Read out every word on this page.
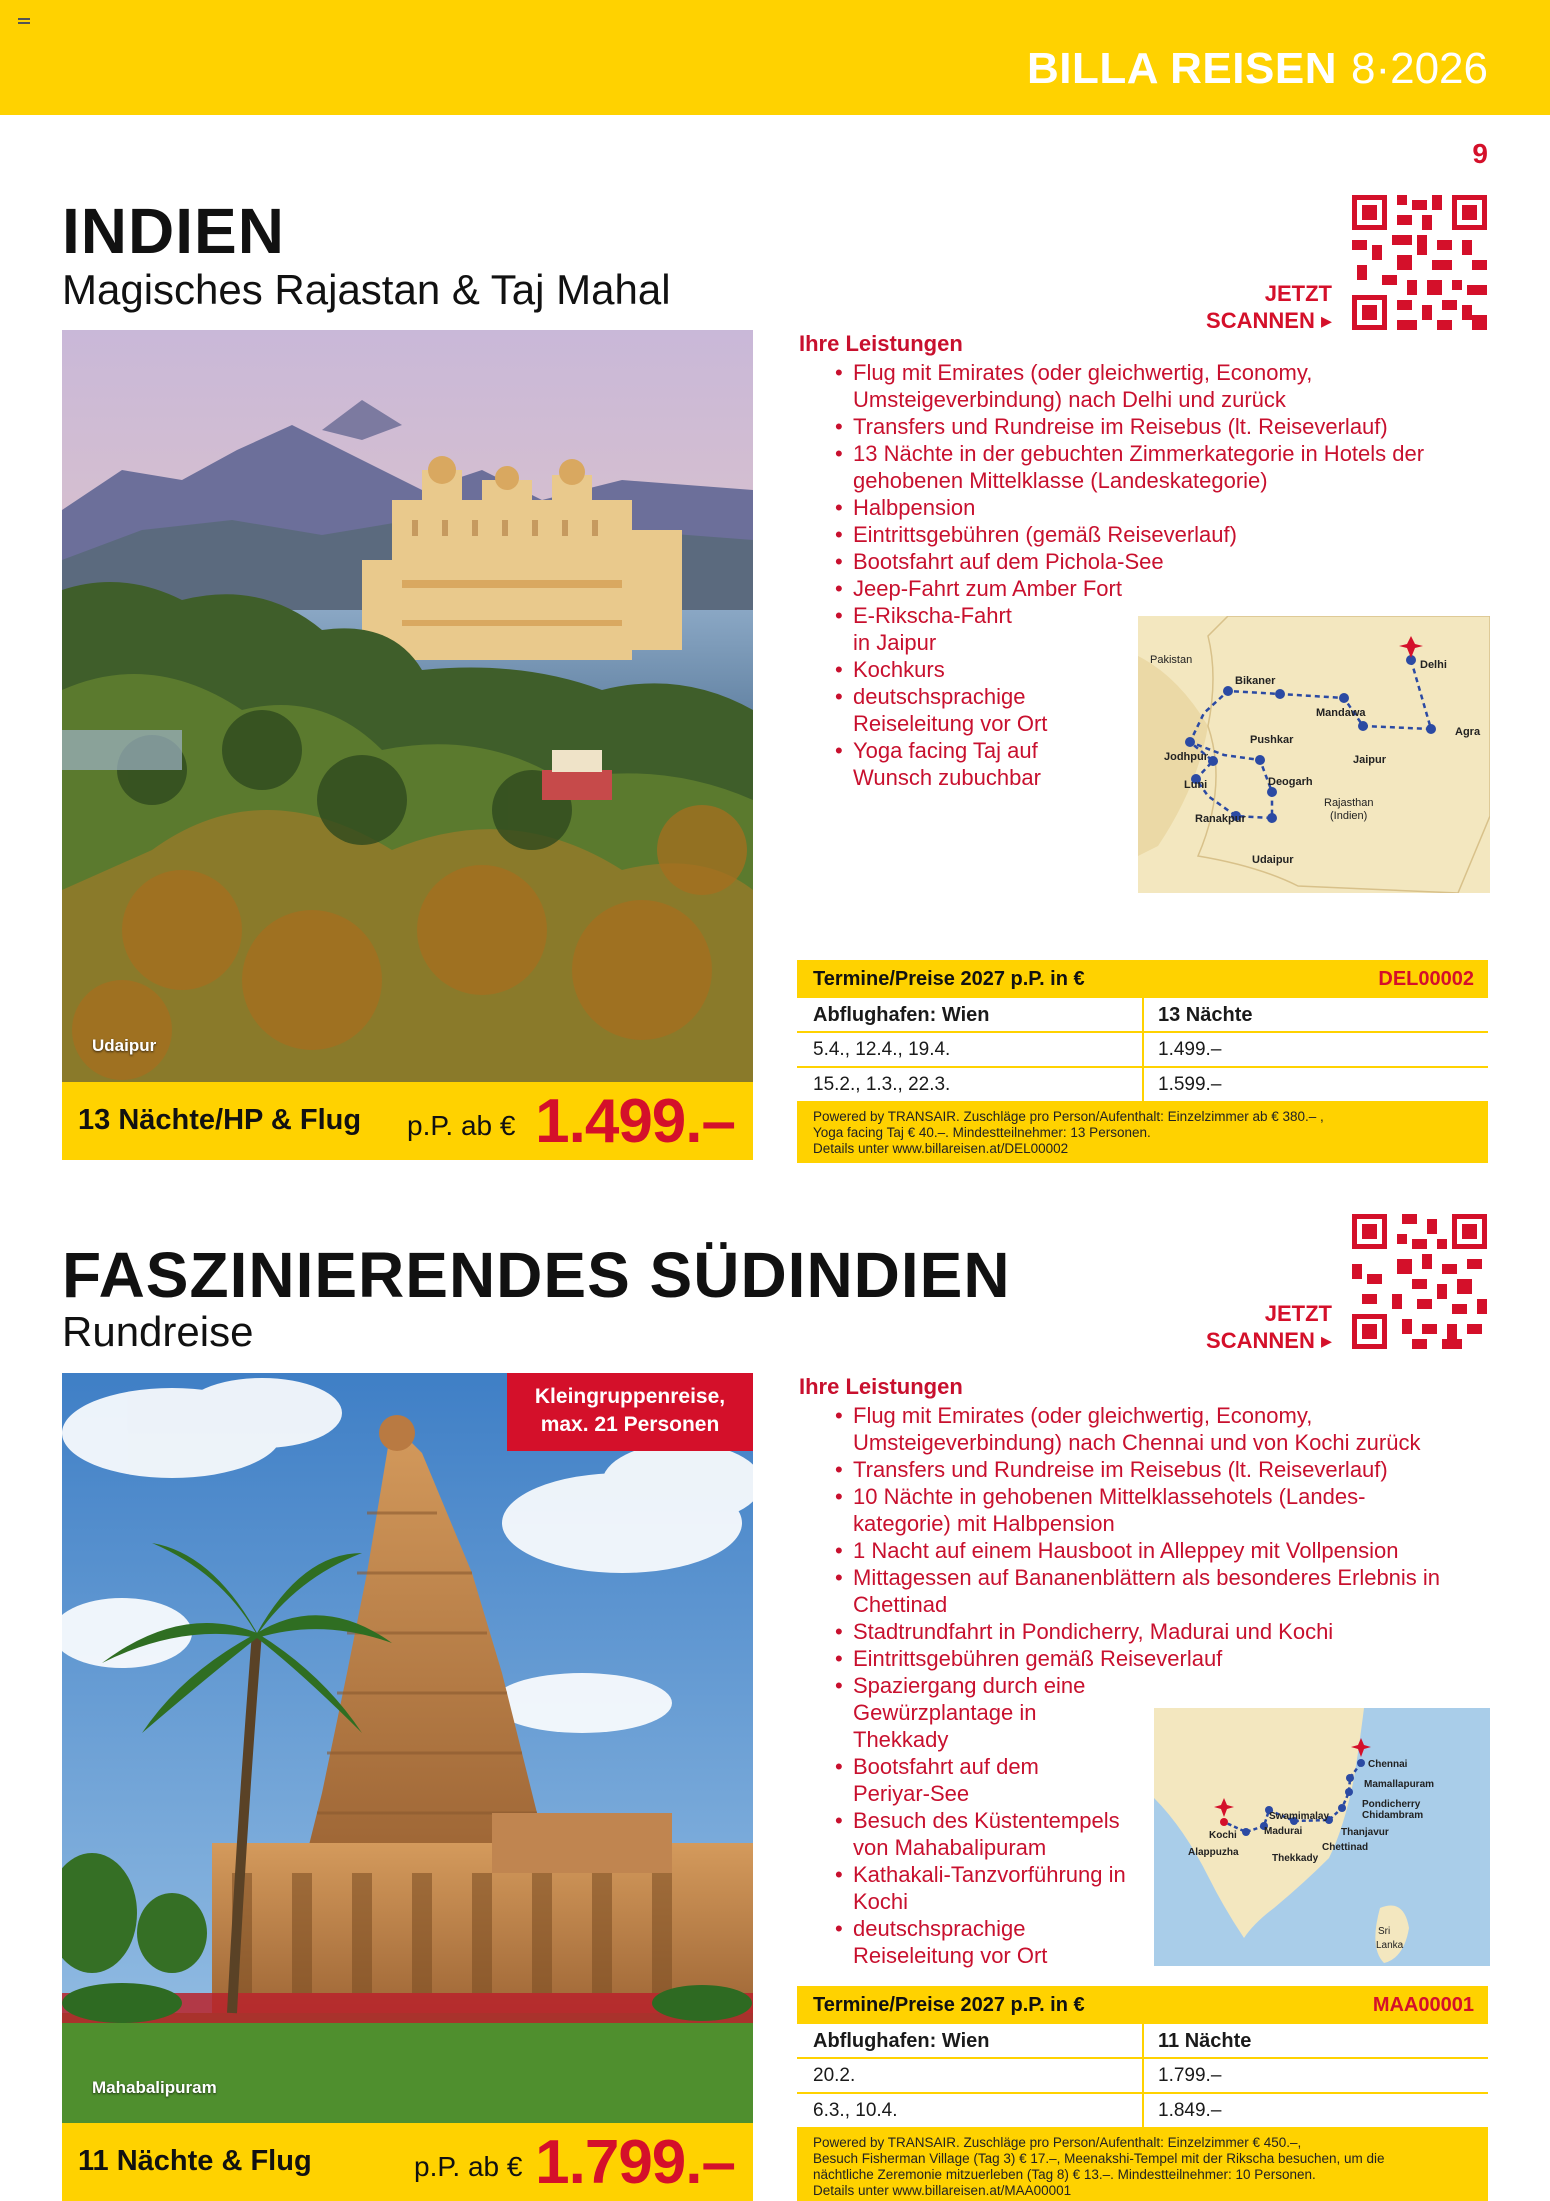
BILLA REISEN 8·2026
9
INDIEN
Magisches Rajastan & Taj Mahal	JETZT
SCANNEN ▸
Udaipur
13 Nächte/HP & Flug p.P. ab € 1.499.–
Ihre Leistungen
• Flug mit Emirates (oder gleichwertig, Economy, Umsteigeverbindung) nach Delhi und zurück
• Transfers und Rundreise im Reisebus (lt. Reiseverlauf)
• 13 Nächte in der gebuchten Zimmerkategorie in Hotels der gehobenen Mittelklasse (Landeskategorie)
• Halbpension
• Eintrittsgebühren (gemäß Reiseverlauf)
• Bootsfahrt auf dem Pichola-See
• Jeep-Fahrt zum Amber Fort
• E-Rikscha-Fahrt in Jaipur
• Kochkurs
• deutschsprachige Reiseleitung vor Ort
• Yoga facing Taj auf Wunsch zubuchbar
Pakistan	Delhi
Bikaner
Mandawa
Agra
Pushkar
Jaipur
Jodhpur
Deogarh
Luni
Ranakpur
Rajasthan
(Indien)
Udaipur
Termine/Preise 2027 p.P. in €	DEL00002
Abflughafen: Wien	13 Nächte
5.4., 12.4., 19.4.	1.499.–
15.2., 1.3., 22.3.	1.599.–
Powered by TRANSAIR. Zuschläge pro Person/Aufenthalt: Einzelzimmer ab € 380.– ,
Yoga facing Taj € 40.–. Mindestteilnehmer: 13 Personen.
Details unter www.billareisen.at/DEL00002
FASZINIERENDES SÜDINDIEN
Rundreise	JETZT
SCANNEN ▸
Kleingruppenreise,
max. 21 Personen
Mahabalipuram
11 Nächte & Flug	p.P. ab € 1.799.–
Ihre Leistungen
• Flug mit Emirates (oder gleichwertig, Economy, Umsteigeverbindung) nach Chennai und von Kochi zurück
• Transfers und Rundreise im Reisebus (lt. Reiseverlauf)
• 10 Nächte in gehobenen Mittelklassehotels (Landes-kategorie) mit Halbpension
• 1 Nacht auf einem Hausboot in Alleppey mit Vollpension
• Mittagessen auf Bananenblättern als besonderes Erlebnis in Chettinad
• Stadtrundfahrt in Pondicherry, Madurai und Kochi
• Eintrittsgebühren gemäß Reiseverlauf
• Spaziergang durch eine Gewürzplantage in Thekkady
• Bootsfahrt auf dem Periyar-See
• Besuch des Küstentempels von Mahabalipuram
• Kathakali-Tanzvorführung in Kochi
• deutschsprachige Reiseleitung vor Ort
Chennai
Mamallapuram
Pondicherry
Chidambram
Swamimalay
Thanjavur
Madurai
Kochi
Chettinad
Alappuzha
Thekkady
Sri
Lanka
Termine/Preise 2027 p.P. in €	MAA00001
Abflughafen: Wien	11 Nächte
20.2.	1.799.–
6.3., 10.4.	1.849.–
Powered by TRANSAIR. Zuschläge pro Person/Aufenthalt: Einzelzimmer € 450.–,
Besuch Fisherman Village (Tag 3) € 17.–, Meenakshi-Tempel mit der Rikscha besuchen, um die
nächtliche Zeremonie mitzuerleben (Tag 8) € 13.–. Mindestteilnehmer: 10 Personen.
Details unter www.billareisen.at/MAA00001
